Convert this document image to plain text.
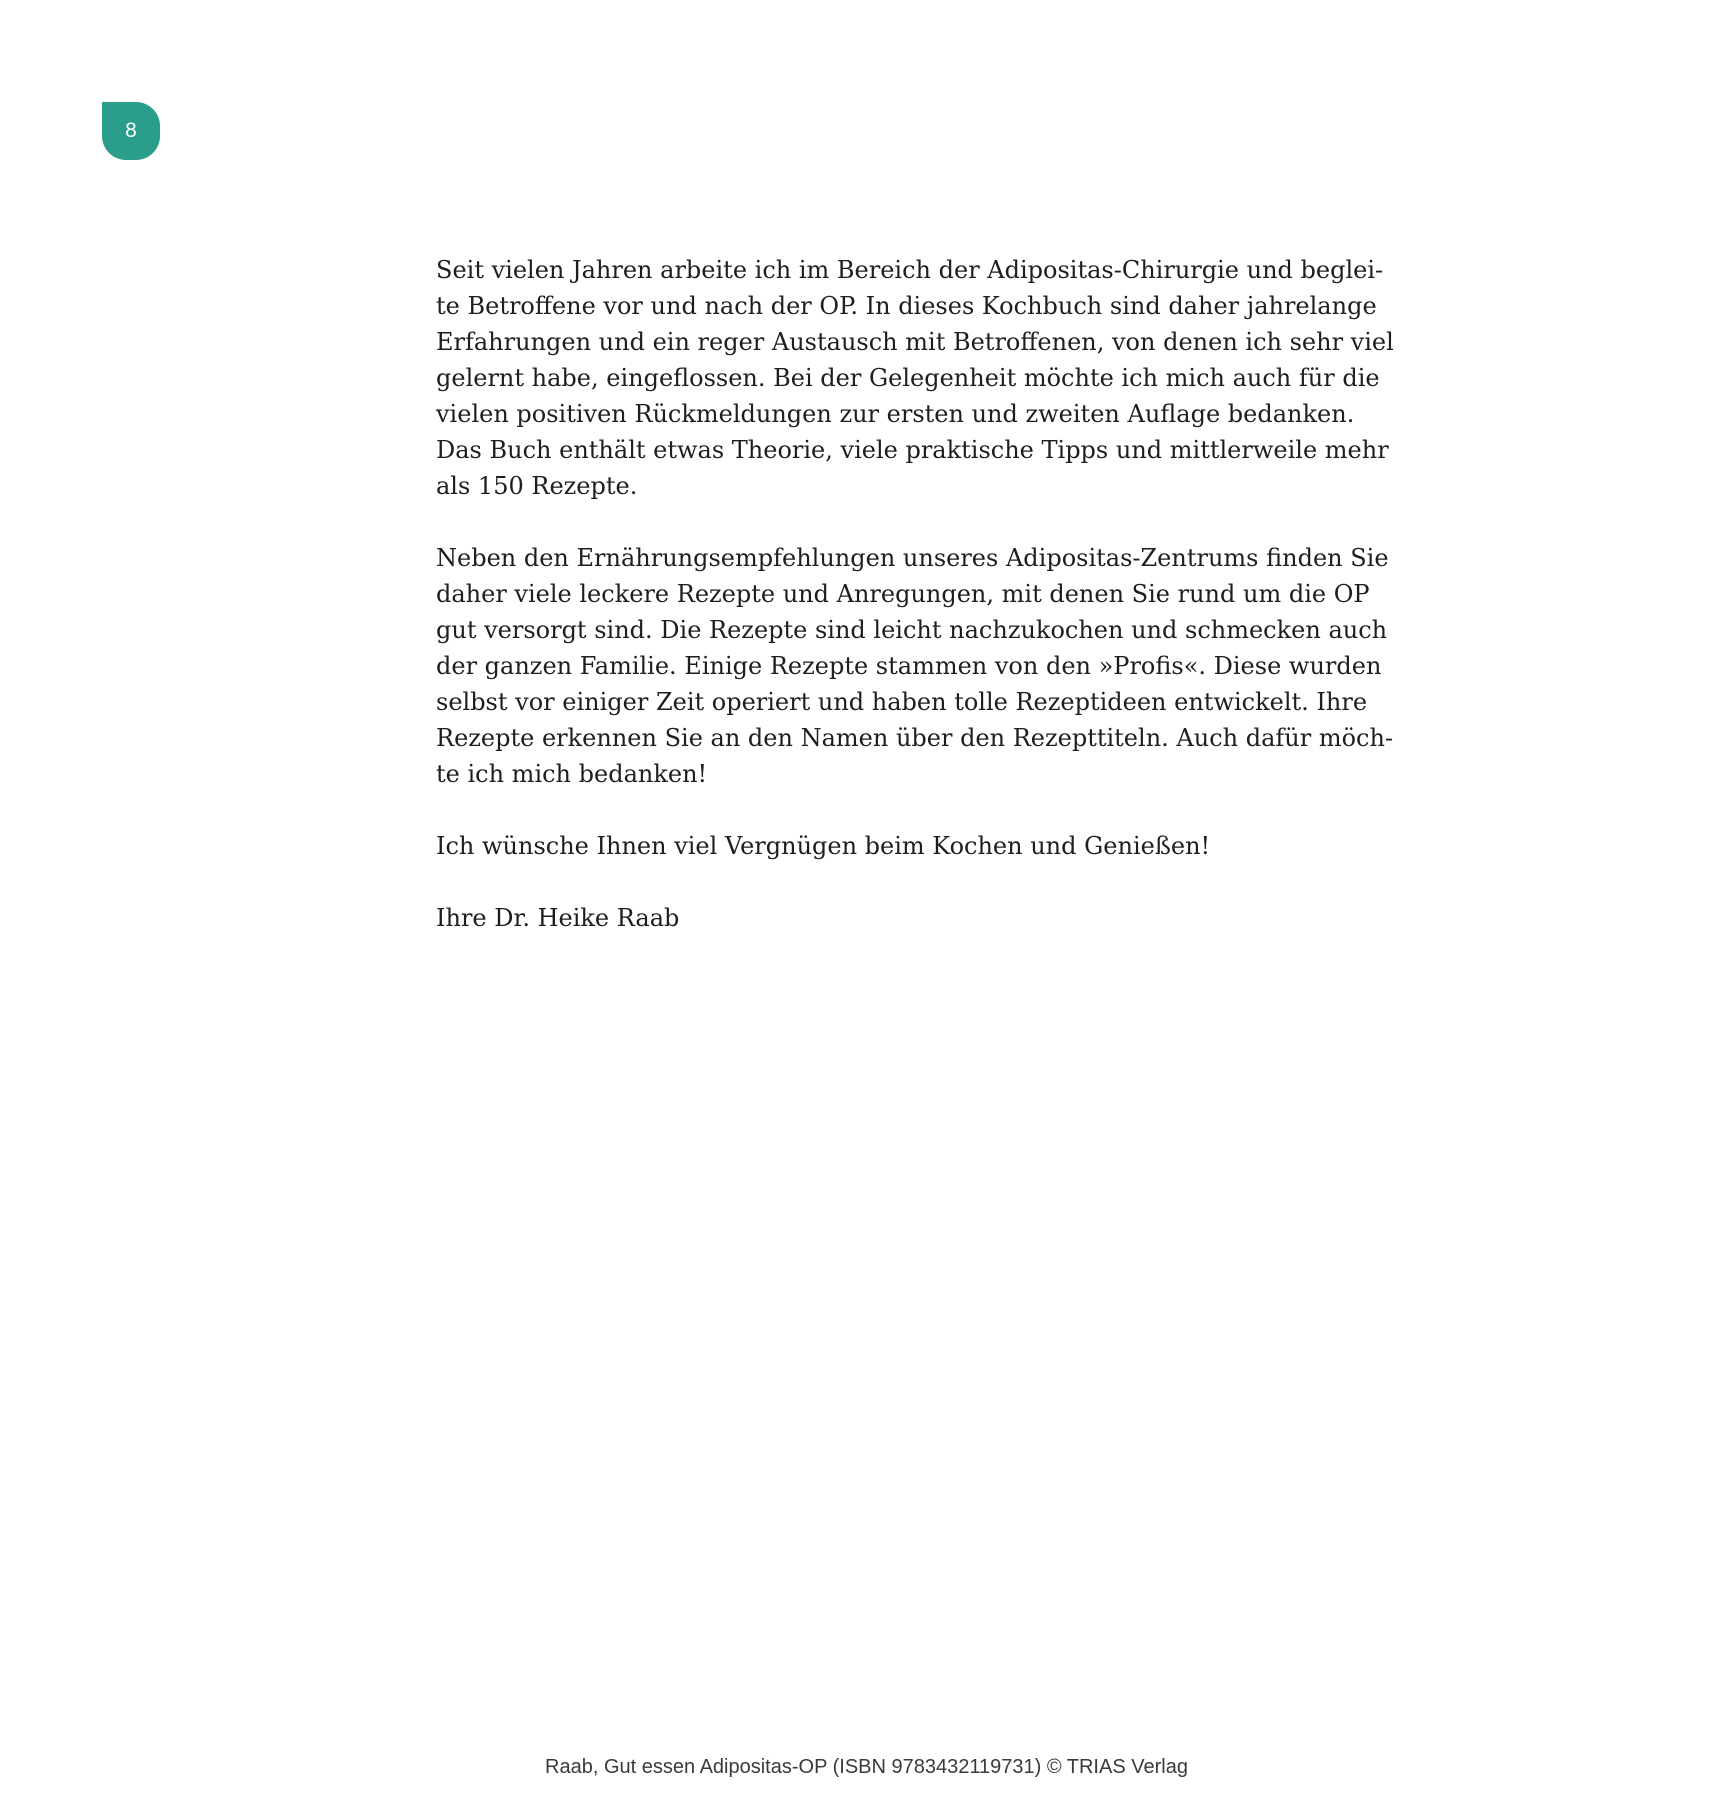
8

Seit vielen Jahren arbeite ich im Bereich der Adipositas-Chirurgie und beglei-
te Betroffene vor und nach der OP. In dieses Kochbuch sind daher jahrelange
Erfahrungen und ein reger Austausch mit Betroffenen, von denen ich sehr viel
gelernt habe, eingeflossen. Bei der Gelegenheit möchte ich mich auch für die
vielen positiven Rückmeldungen zur ersten und zweiten Auflage bedanken.
Das Buch enthält etwas Theorie, viele praktische Tipps und mittlerweile mehr
als 150 Rezepte.

Neben den Ernährungsempfehlungen unseres Adipositas-Zentrums finden Sie
daher viele leckere Rezepte und Anregungen, mit denen Sie rund um die OP
gut versorgt sind. Die Rezepte sind leicht nachzukochen und schmecken auch
der ganzen Familie. Einige Rezepte stammen von den »Profis«. Diese wurden
selbst vor einiger Zeit operiert und haben tolle Rezeptideen entwickelt. Ihre
Rezepte erkennen Sie an den Namen über den Rezepttiteln. Auch dafür möch-
te ich mich bedanken!

Ich wünsche Ihnen viel Vergnügen beim Kochen und Genießen!

Ihre Dr. Heike Raab

Raab, Gut essen Adipositas-OP (ISBN 9783432119731) © TRIAS Verlag
